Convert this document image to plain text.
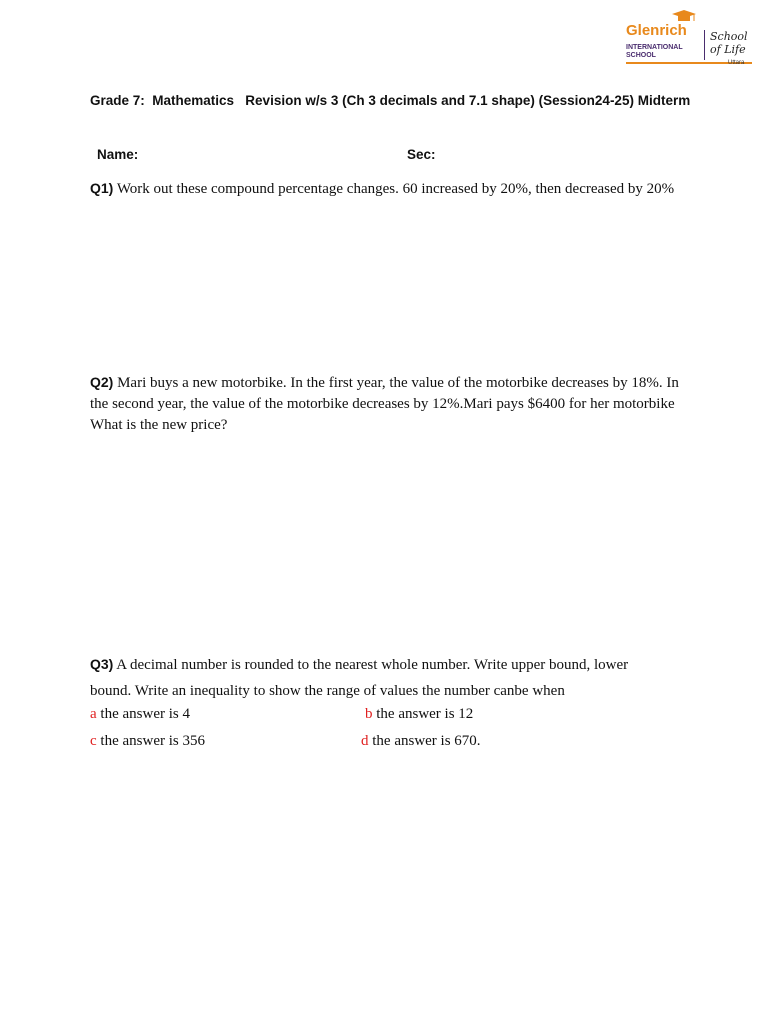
Glenrich
INTERNATIONAL
SCHOOL
School
of Life
Uttara
Grade 7:  Mathematics   Revision w/s 3 (Ch 3 decimals and 7.1 shape) (Session24-25) Midterm
Name:	Sec:
Q1) Work out these compound percentage changes. 60 increased by 20%, then decreased by 20%
Q2) Mari buys a new motorbike. In the first year, the value of the motorbike decreases by 18%. In the second year, the value of the motorbike decreases by 12%.Mari pays $6400 for her motorbike What is the new price?
Q3) A decimal number is rounded to the nearest whole number. Write upper bound, lower
bound. Write an inequality to show the range of values the number canbe when
a the answer is 4	b the answer is 12
c the answer is 356	d the answer is 670.
